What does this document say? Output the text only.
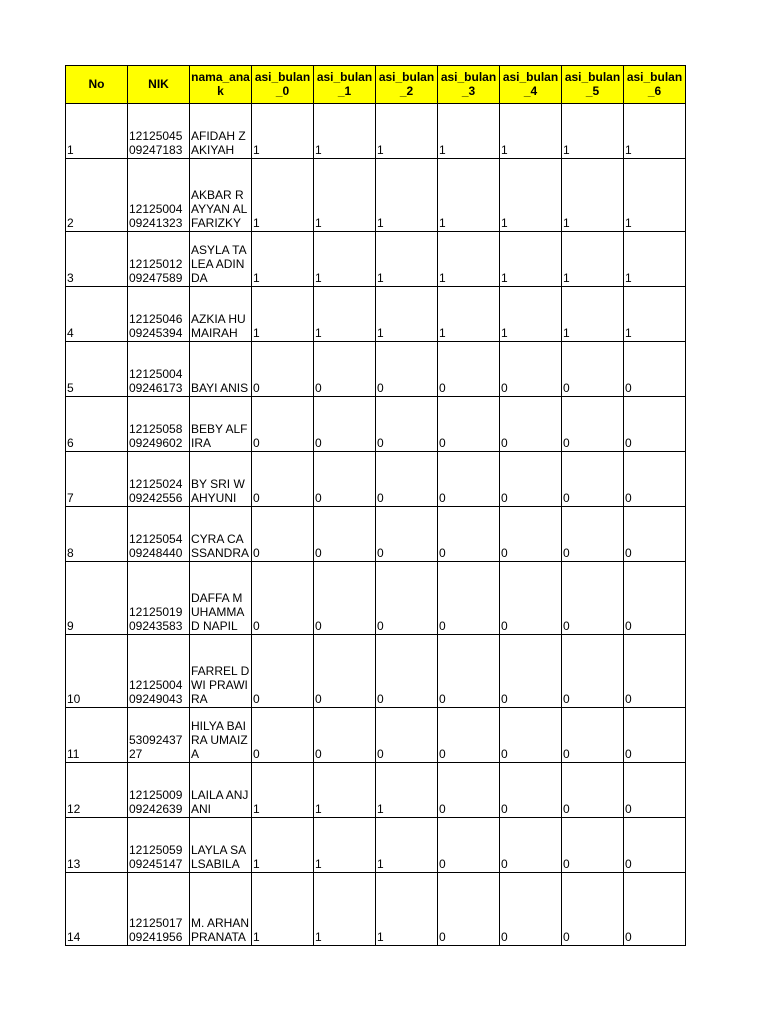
No	NIK	nama_anak	asi_bulan_0	asi_bulan_1	asi_bulan_2	asi_bulan_3	asi_bulan_4	asi_bulan_5	asi_bulan_6
1	1212504509247183	AFIDAH ZAKIYAH	1	1	1	1	1	1	1
2	1212500409241323	AKBAR RAYYAN ALFARIZKY	1	1	1	1	1	1	1
3	1212501209247589	ASYLA TALEA ADINDA	1	1	1	1	1	1	1
4	1212504609245394	AZKIA HUMAIRAH	1	1	1	1	1	1	1
5	1212500409246173	BAYI ANIS	0	0	0	0	0	0	0
6	1212505809249602	BEBY ALFIRA	0	0	0	0	0	0	0
7	1212502409242556	BY SRI WAHYUNI	0	0	0	0	0	0	0
8	1212505409248440	CYRA CASSANDRA	0	0	0	0	0	0	0
9	1212501909243583	DAFFA MUHAMMAD NAPIL	0	0	0	0	0	0	0
10	1212500409249043	FARREL DWI PRAWIRA	0	0	0	0	0	0	0
11	5309243727	HILYA BAIRA UMAIZA	0	0	0	0	0	0	0
12	1212500909242639	LAILA ANJANI	1	1	1	0	0	0	0
13	1212505909245147	LAYLA SALSABILA	1	1	1	0	0	0	0
14	1212501709241956	M. ARHAN PRANATA	1	1	1	0	0	0	0
